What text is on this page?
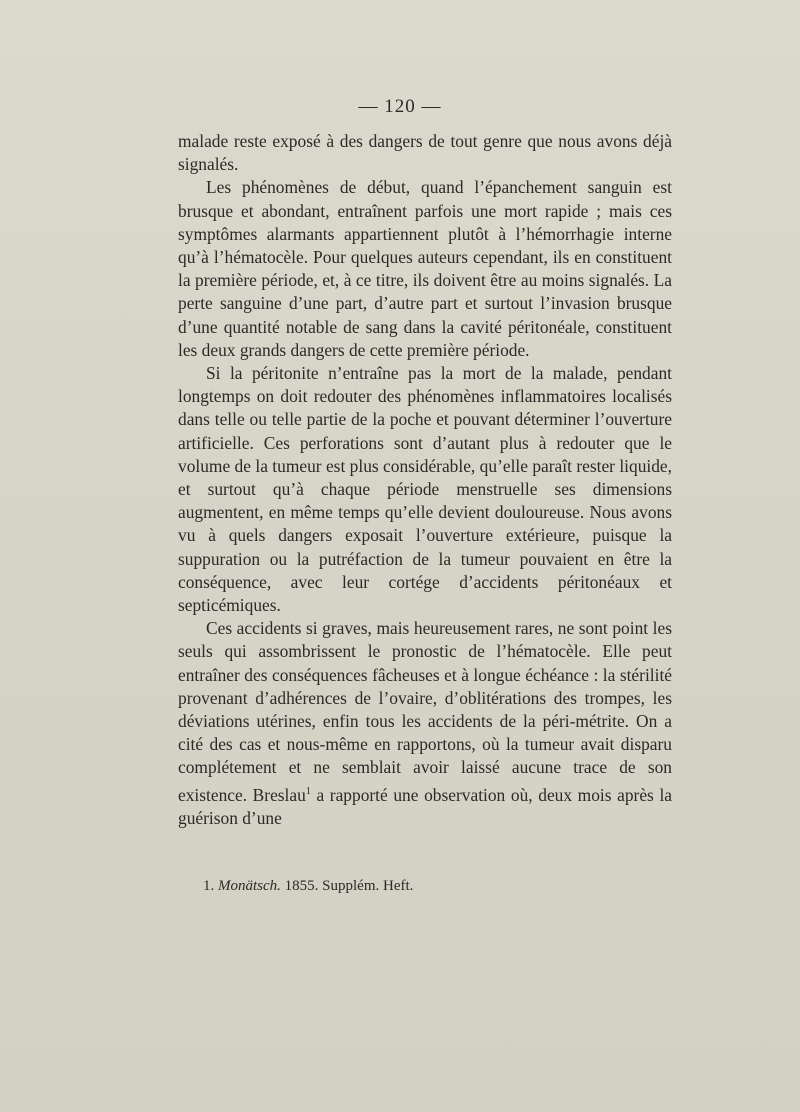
— 120 —

malade reste exposé à des dangers de tout genre que nous avons déjà signalés.

Les phénomènes de début, quand l’épanchement sanguin est brusque et abondant, entraînent parfois une mort rapide ; mais ces symptômes alarmants appartiennent plutôt à l’hémorrhagie interne qu’à l’hématocèle. Pour quelques auteurs cependant, ils en constituent la première période, et, à ce titre, ils doivent être au moins signalés. La perte sanguine d’une part, d’autre part et surtout l’invasion brusque d’une quantité notable de sang dans la cavité péritonéale, constituent les deux grands dangers de cette première période.

Si la péritonite n’entraîne pas la mort de la malade, pendant longtemps on doit redouter des phénomènes inflammatoires localisés dans telle ou telle partie de la poche et pouvant déterminer l’ouverture artificielle. Ces perforations sont d’autant plus à redouter que le volume de la tumeur est plus considérable, qu’elle paraît rester liquide, et surtout qu’à chaque période menstruelle ses dimensions augmentent, en même temps qu’elle devient douloureuse. Nous avons vu à quels dangers exposait l’ouverture extérieure, puisque la suppuration ou la putréfaction de la tumeur pouvaient en être la conséquence, avec leur cortége d’accidents péritonéaux et septicémiques.

Ces accidents si graves, mais heureusement rares, ne sont point les seuls qui assombrissent le pronostic de l’hématocèle. Elle peut entraîner des conséquences fâcheuses et à longue échéance : la stérilité provenant d’adhérences de l’ovaire, d’oblitérations des trompes, les déviations utérines, enfin tous les accidents de la péri-métrite. On a cité des cas et nous-même en rapportons, où la tumeur avait disparu complétement et ne semblait avoir laissé aucune trace de son existence. Breslau$^1$ a rapporté une observation où, deux mois après la guérison d’une

1. Monätsch. 1855. Supplém. Heft.
